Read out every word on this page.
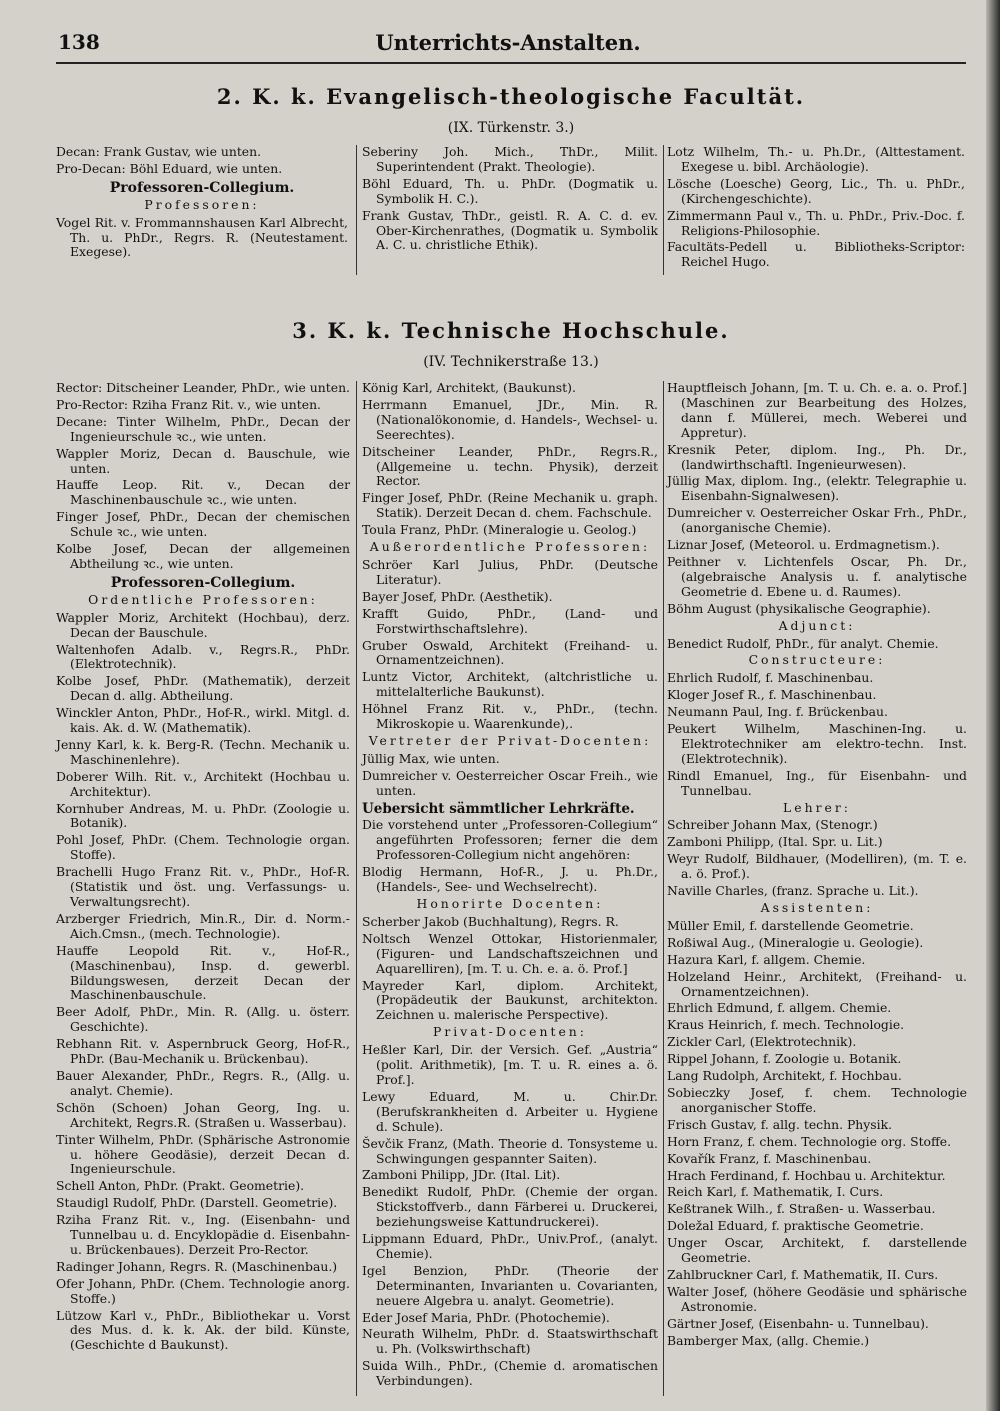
138	Unterrichts-Anstalten.
2. K. k. Evangelisch-theologische Facultät.
(IX. Türkenstr. 3.)
Decan: Frank Gustav, wie unten.
Pro-Decan: Böhl Eduard, wie unten.
Professoren-Collegium.
Professoren:
Vogel Rit. v. Frommannshausen Karl Albrecht, Th. u. PhDr., Regrs. R. (Neutestament. Exegese).
Seberiny Joh. Mich., ThDr., Milit. Superintendent (Prakt. Theologie).
Böhl Eduard, Th. u. PhDr. (Dogmatik u. Symbolik H. C.).
Frank Gustav, ThDr., geistl. R. A. C. d. ev. Ober-Kirchenrathes, (Dogmatik u. Symbolik A. C. u. christliche Ethik).
Lotz Wilhelm, Th.- u. Ph.Dr., (Alttestament. Exegese u. bibl. Archäologie).
Lösche (Loesche) Georg, Lic., Th. u. PhDr., (Kirchengeschichte).
Zimmermann Paul v., Th. u. PhDr., Priv.-Doc. f. Religions-Philosophie.
Facultäts-Pedell u. Bibliotheks-Scriptor: Reichel Hugo.
3. K. k. Technische Hochschule.
(IV. Technikerstraße 13.)
Rector: Ditscheiner Leander, PhDr., wie unten.
Pro-Rector: Rziha Franz Rit. v., wie unten.
Decane: Tinter Wilhelm, PhDr., Decan der Ingenieurschule ꝛc., wie unten.
Wappler Moriz, Decan d. Bauschule, wie unten.
Hauffe Leop. Rit. v., Decan der Maschinenbauschule ꝛc., wie unten.
Finger Josef, PhDr., Decan der chemischen Schule ꝛc., wie unten.
Kolbe Josef, Decan der allgemeinen Abtheilung ꝛc., wie unten.
Professoren-Collegium.
Ordentliche Professoren:
Wappler Moriz, Architekt (Hochbau), derz. Decan der Bauschule.
Waltenhofen Adalb. v., Regrs.R., PhDr. (Elektrotechnik).
Kolbe Josef, PhDr. (Mathematik), derzeit Decan d. allg. Abtheilung.
Winckler Anton, PhDr., Hof-R., wirkl. Mitgl. d. kais. Ak. d. W. (Mathematik).
Jenny Karl, k. k. Berg-R. (Techn. Mechanik u. Maschinenlehre).
Doberer Wilh. Rit. v., Architekt (Hochbau u. Architektur).
Kornhuber Andreas, M. u. PhDr. (Zoologie u. Botanik).
Pohl Josef, PhDr. (Chem. Technologie organ. Stoffe).
Brachelli Hugo Franz Rit. v., PhDr., Hof-R. (Statistik und öst. ung. Verfassungs- u. Verwaltungsrecht).
Arzberger Friedrich, Min.R., Dir. d. Norm.-Aich.Cmsn., (mech. Technologie).
Hauffe Leopold Rit. v., Hof-R., (Maschinenbau), Insp. d. gewerbl. Bildungswesen, derzeit Decan der Maschinenbauschule.
Beer Adolf, PhDr., Min. R. (Allg. u. österr. Geschichte).
Rebhann Rit. v. Aspernbruck Georg, Hof-R., PhDr. (Bau-Mechanik u. Brückenbau).
Bauer Alexander, PhDr., Regrs. R., (Allg. u. analyt. Chemie).
Schön (Schoen) Johan Georg, Ing. u. Architekt, Regrs.R. (Straßen u. Wasserbau).
Tinter Wilhelm, PhDr. (Sphärische Astronomie u. höhere Geodäsie), derzeit Decan d. Ingenieurschule.
Schell Anton, PhDr. (Prakt. Geometrie).
Staudigl Rudolf, PhDr. (Darstell. Geometrie).
Rziha Franz Rit. v., Ing. (Eisenbahn- und Tunnelbau u. d. Encyklopädie d. Eisenbahn- u. Brückenbaues). Derzeit Pro-Rector.
Radinger Johann, Regrs. R. (Maschinenbau.)
Ofer Johann, PhDr. (Chem. Technologie anorg. Stoffe.)
Lützow Karl v., PhDr., Bibliothekar u. Vorst des Mus. d. k. k. Ak. der bild. Künste, (Geschichte d Baukunst).
König Karl, Architekt, (Baukunst).
Herrmann Emanuel, JDr., Min. R. (Nationalökonomie, d. Handels-, Wechsel- u. Seerechtes).
Ditscheiner Leander, PhDr., Regrs.R., (Allgemeine u. techn. Physik), derzeit Rector.
Finger Josef, PhDr. (Reine Mechanik u. graph. Statik). Derzeit Decan d. chem. Fachschule.
Toula Franz, PhDr. (Mineralogie u. Geolog.)
Außerordentliche Professoren:
Schröer Karl Julius, PhDr. (Deutsche Literatur).
Bayer Josef, PhDr. (Aesthetik).
Krafft Guido, PhDr., (Land- und Forstwirthschaftslehre).
Gruber Oswald, Architekt (Freihand- u. Ornamentzeichnen).
Luntz Victor, Architekt, (altchristliche u. mittelalterliche Baukunst).
Höhnel Franz Rit. v., PhDr., (techn. Mikroskopie u. Waarenkunde),.
Vertreter der Privat-Docenten:
Jüllig Max, wie unten.
Dumreicher v. Oesterreicher Oscar Freih., wie unten.
Uebersicht sämmtlicher Lehrkräfte.
Die vorstehend unter „Professoren-Collegium“ angeführten Professoren; ferner die dem Professoren-Collegium nicht angehören:
Blodig Hermann, Hof-R., J. u. Ph.Dr., (Handels-, See- und Wechselrecht).
Honorirte Docenten:
Scherber Jakob (Buchhaltung), Regrs. R.
Noltsch Wenzel Ottokar, Historienmaler, (Figuren- und Landschaftszeichnen und Aquarelliren), [m. T. u. Ch. e. a. ö. Prof.]
Mayreder Karl, diplom. Architekt, (Propädeutik der Baukunst, architekton. Zeichnen u. malerische Perspective).
Privat-Docenten:
Heßler Karl, Dir. der Versich. Gef. „Austria“ (polit. Arithmetik), [m. T. u. R. eines a. ö. Prof.].
Lewy Eduard, M. u. Chir.Dr. (Berufskrankheiten d. Arbeiter u. Hygiene d. Schule).
Ševčik Franz, (Math. Theorie d. Tonsysteme u. Schwingungen gespannter Saiten).
Zamboni Philipp, JDr. (Ital. Lit).
Benedikt Rudolf, PhDr. (Chemie der organ. Stickstoffverb., dann Färberei u. Druckerei, beziehungsweise Kattundruckerei).
Lippmann Eduard, PhDr., Univ.Prof., (analyt. Chemie).
Igel Benzion, PhDr. (Theorie der Determinanten, Invarianten u. Covarianten, neuere Algebra u. analyt. Geometrie).
Eder Josef Maria, PhDr. (Photochemie).
Neurath Wilhelm, PhDr. d. Staatswirthschaft u. Ph. (Volkswirthschaft)
Suida Wilh., PhDr., (Chemie d. aromatischen Verbindungen).
Hauptfleisch Johann, [m. T. u. Ch. e. a. o. Prof.] (Maschinen zur Bearbeitung des Holzes, dann f. Müllerei, mech. Weberei und Appretur).
Kresnik Peter, diplom. Ing., Ph. Dr., (landwirthschaftl. Ingenieurwesen).
Jüllig Max, diplom. Ing., (elektr. Telegraphie u. Eisenbahn-Signalwesen).
Dumreicher v. Oesterreicher Oskar Frh., PhDr., (anorganische Chemie).
Liznar Josef, (Meteorol. u. Erdmagnetism.).
Peithner v. Lichtenfels Oscar, Ph. Dr., (algebraische Analysis u. f. analytische Geometrie d. Ebene u. d. Raumes).
Böhm August (physikalische Geographie).
Adjunct:
Benedict Rudolf, PhDr., für analyt. Chemie.
Constructeure:
Ehrlich Rudolf, f. Maschinenbau.
Kloger Josef R., f. Maschinenbau.
Neumann Paul, Ing. f. Brückenbau.
Peukert Wilhelm, Maschinen-Ing. u. Elektrotechniker am elektro-techn. Inst. (Elektrotechnik).
Rindl Emanuel, Ing., für Eisenbahn- und Tunnelbau.
Lehrer:
Schreiber Johann Max, (Stenogr.)
Zamboni Philipp, (Ital. Spr. u. Lit.)
Weyr Rudolf, Bildhauer, (Modelliren), (m. T. e. a. ö. Prof.).
Naville Charles, (franz. Sprache u. Lit.).
Assistenten:
Müller Emil, f. darstellende Geometrie.
Roßiwal Aug., (Mineralogie u. Geologie).
Hazura Karl, f. allgem. Chemie.
Holzeland Heinr., Architekt, (Freihand- u. Ornamentzeichnen).
Ehrlich Edmund, f. allgem. Chemie.
Kraus Heinrich, f. mech. Technologie.
Zickler Carl, (Elektrotechnik).
Rippel Johann, f. Zoologie u. Botanik.
Lang Rudolph, Architekt, f. Hochbau.
Sobieczky Josef, f. chem. Technologie anorganischer Stoffe.
Frisch Gustav, f. allg. techn. Physik.
Horn Franz, f. chem. Technologie org. Stoffe.
Kovařík Franz, f. Maschinenbau.
Hrach Ferdinand, f. Hochbau u. Architektur.
Reich Karl, f. Mathematik, I. Curs.
Keßtranek Wilh., f. Straßen- u. Wasserbau.
Doležal Eduard, f. praktische Geometrie.
Unger Oscar, Architekt, f. darstellende Geometrie.
Zahlbruckner Carl, f. Mathematik, II. Curs.
Walter Josef, (höhere Geodäsie und sphärische Astronomie.
Gärtner Josef, (Eisenbahn- u. Tunnelbau).
Bamberger Max, (allg. Chemie.)
